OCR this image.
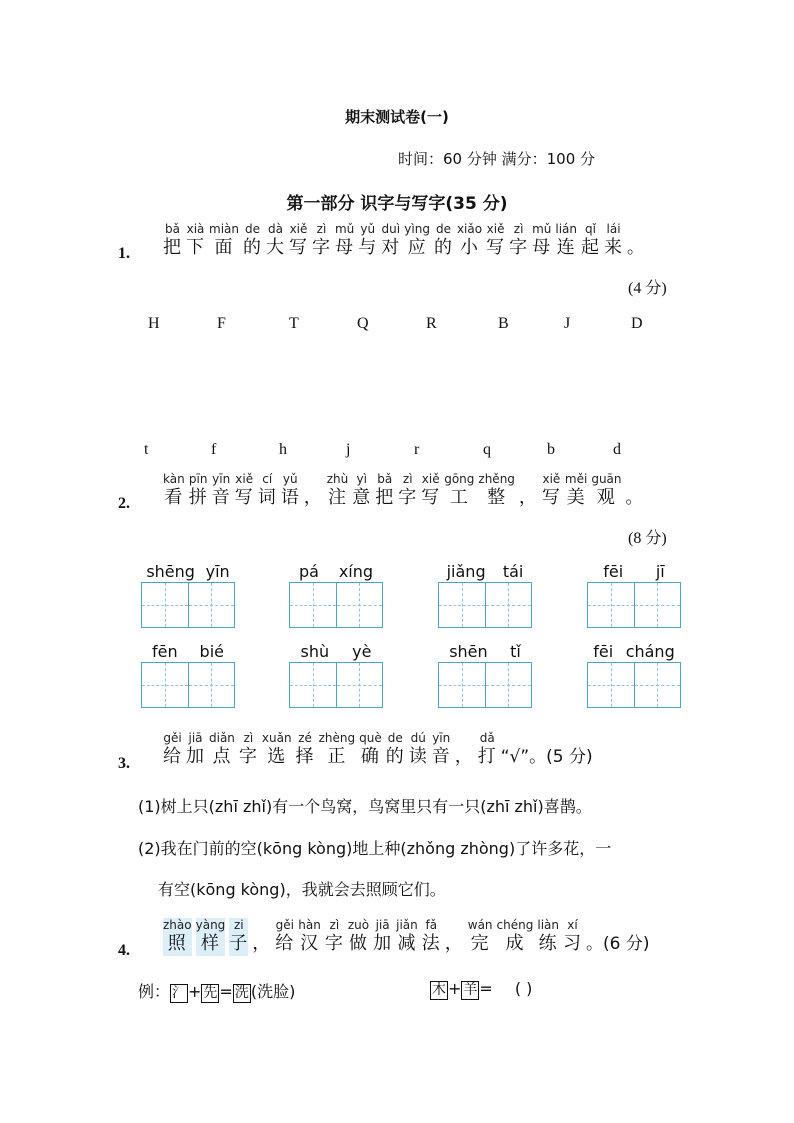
期末测试卷(一)
时间：60 分钟 满分：100 分
第一部分 识字与写字(35 分)
1.
bǎ
把
xià
下
miàn
面
de
的
dà
大
xiě
写
zì
字
mǔ
母
yǔ
与
duì
对
yìng
应
de
的
xiǎo
小
xiě
写
zì
字
mǔ
母
lián
连
qǐ
起
lái
来 。
(4 分)
H	F	T	Q	R	B	J	D
t	f	h	j	r	q	b	d
2.
kàn
看
pīn
拼
yīn
音
xiě
写
cí
词
yǔ
语
，
zhù
注
yì
意
bǎ
把
zì
字
xiě
写
gōng
工
zhěng
整
，
xiě
写
měi
美
guān
观 。
(8 分)
shēng yīn	pá xíng	jiǎng tái	fēi jī
fēn bié	shù yè	shēn tǐ	fēi cháng
3.
gěi
给
jiā
加
diǎn
点
zì
字
xuǎn
选
zé
择
zhèng
正
què
确
de
的
dú
读
yīn
音
，
dǎ
打 “√”。(5 分)
(1)树上只(zhī zhǐ)有一个鸟窝，鸟窝里只有一只(zhī zhǐ)喜鹊。
(2)我在门前的空(kōng kòng)地上种(zhǒng zhòng)了许多花，一
有空(kōng kòng)，我就会去照顾它们。
4.
zhào
照
yàng
样
zi
子
，
gěi
给
hàn
汉
zì
字
zuò
做
jiā
加
jiǎn
减
fǎ
法
，
wán
完
chéng
成
liàn
练
xí
习 。(6 分)
例： 氵 + 先 = 洗 (洗脸)	木 + 羊 = ( )
